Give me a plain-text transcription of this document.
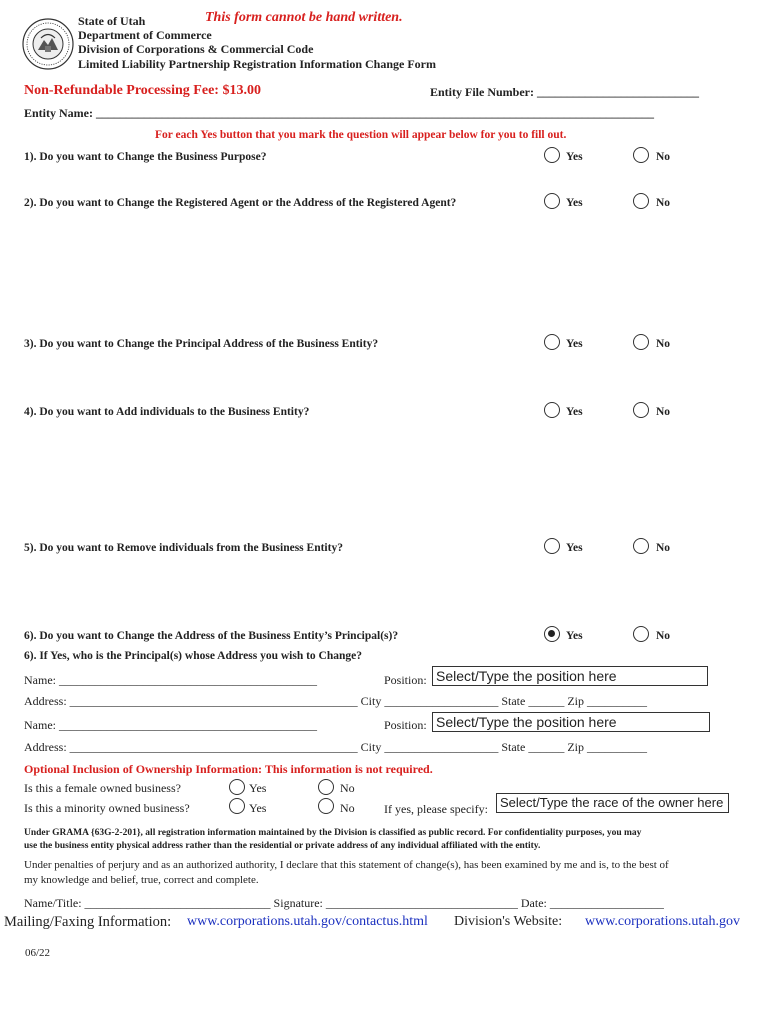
This form cannot be hand written.
State of Utah
Department of Commerce
Division of Corporations & Commercial Code
Limited Liability Partnership Registration Information Change Form
Non-Refundable Processing Fee: $13.00	Entity File Number: ___________________________
Entity Name: _____________________________________________________________________________________________
For each Yes button that you mark the question will appear below for you to fill out.
1). Do you want to Change the Business Purpose?	Yes	No
2). Do you want to Change the Registered Agent or the Address of the Registered Agent?	Yes	No
3). Do you want to Change the Principal Address of the Business Entity?	Yes	No
4). Do you want to Add individuals to the Business Entity?	Yes	No
5). Do you want to Remove individuals from the Business Entity?	Yes	No
6). Do you want to Change the Address of the Business Entity’s Principal(s)?	Yes	No
6). If Yes, who is the Principal(s) whose Address you wish to Change?
Name: ___________________________________________	Position: Select/Type the position here
Address: ________________________________________________ City ___________________ State ______ Zip __________
Name: ___________________________________________	Position: Select/Type the position here
Address: ________________________________________________ City ___________________ State ______ Zip __________
Optional Inclusion of Ownership Information: This information is not required.
Is this a female owned business?	Yes	No
Is this a minority owned business?	Yes	No If yes, please specify: Select/Type the race of the owner here
Under GRAMA {63G-2-201}, all registration information maintained by the Division is classified as public record. For confidentiality purposes, you may
use the business entity physical address rather than the residential or private address of any individual affiliated with the entity.
Under penalties of perjury and as an authorized authority, I declare that this statement of change(s), has been examined by me and is, to the best of
my knowledge and belief, true, correct and complete.
Name/Title: _______________________________ Signature: ________________________________ Date: ___________________
Mailing/Faxing Information: www.corporations.utah.gov/contactus.html Division's Website: www.corporations.utah.gov
06/22
